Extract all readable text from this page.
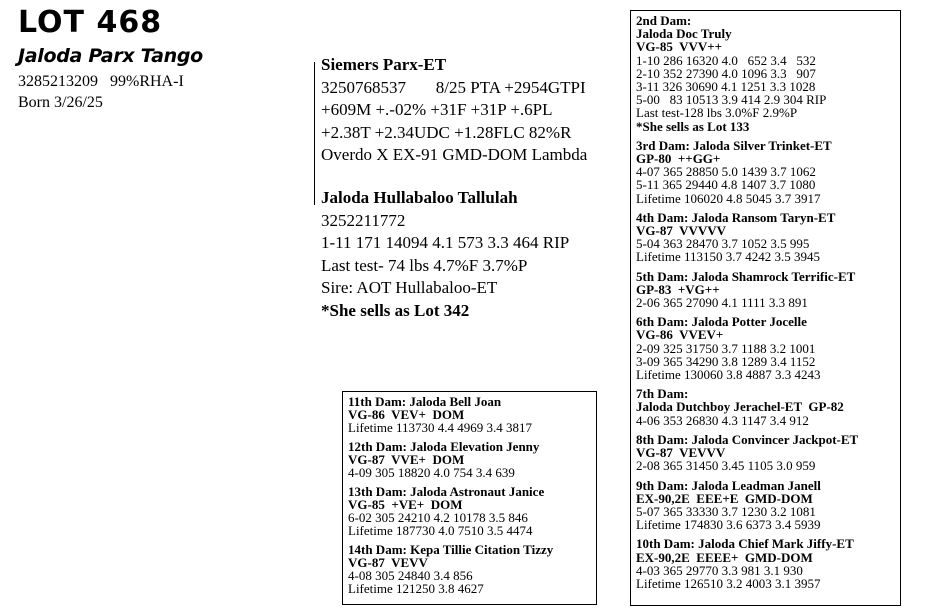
LOT 468
Jaloda Parx Tango
3285213209   99%RHA-I
Born 3/26/25
Siemers Parx-ET
3250768537       8/25 PTA +2954GTPI
+609M +.-02% +31F +31P +.6PL
+2.38T +2.34UDC +1.28FLC 82%R
Overdo X EX-91 GMD-DOM Lambda
Jaloda Hullabaloo Tallulah
3252211772
1-11 171 14094 4.1 573 3.3 464 RIP
Last test- 74 lbs 4.7%F 3.7%P
Sire: AOT Hullabaloo-ET
*She sells as Lot 342
2nd Dam:
Jaloda Doc Truly
VG-85  VVV++
1-10 286 16320 4.0   652 3.4   532
2-10 352 27390 4.0 1096 3.3   907
3-11 326 30690 4.1 1251 3.3 1028
5-00   83 10513 3.9 414 2.9 304 RIP
Last test-128 lbs 3.0%F 2.9%P
*She sells as Lot 133
3rd Dam: Jaloda Silver Trinket-ET
GP-80  ++GG+
4-07 365 28850 5.0 1439 3.7 1062
5-11 365 29440 4.8 1407 3.7 1080
Lifetime 106020 4.8 5045 3.7 3917
4th Dam: Jaloda Ransom Taryn-ET
VG-87  VVVVV
5-04 363 28470 3.7 1052 3.5 995
Lifetime 113150 3.7 4242 3.5 3945
5th Dam: Jaloda Shamrock Terrific-ET
GP-83  +VG++
2-06 365 27090 4.1 1111 3.3 891
6th Dam: Jaloda Potter Jocelle
VG-86  VVEV+
2-09 325 31750 3.7 1188 3.2 1001
3-09 365 34290 3.8 1289 3.4 1152
Lifetime 130060 3.8 4887 3.3 4243
7th Dam:
Jaloda Dutchboy Jerachel-ET  GP-82
4-06 353 26830 4.3 1147 3.4 912
8th Dam: Jaloda Convincer Jackpot-ET
VG-87  VEVVV
2-08 365 31450 3.45 1105 3.0 959
9th Dam: Jaloda Leadman Janell
EX-90,2E  EEE+E  GMD-DOM
5-07 365 33330 3.7 1230 3.2 1081
Lifetime 174830 3.6 6373 3.4 5939
10th Dam: Jaloda Chief Mark Jiffy-ET
EX-90,2E  EEEE+  GMD-DOM
4-03 365 29770 3.3 981 3.1 930
Lifetime 126510 3.2 4003 3.1 3957
11th Dam: Jaloda Bell Joan
VG-86  VEV+  DOM
Lifetime 113730 4.4 4969 3.4 3817
12th Dam: Jaloda Elevation Jenny
VG-87  VVE+  DOM
4-09 305 18820 4.0 754 3.4 639
13th Dam: Jaloda Astronaut Janice
VG-85  +VE+  DOM
6-02 305 24210 4.2 10178 3.5 846
Lifetime 187730 4.0 7510 3.5 4474
14th Dam: Kepa Tillie Citation Tizzy
VG-87  VEVV
4-08 305 24840 3.4 856
Lifetime 121250 3.8 4627
